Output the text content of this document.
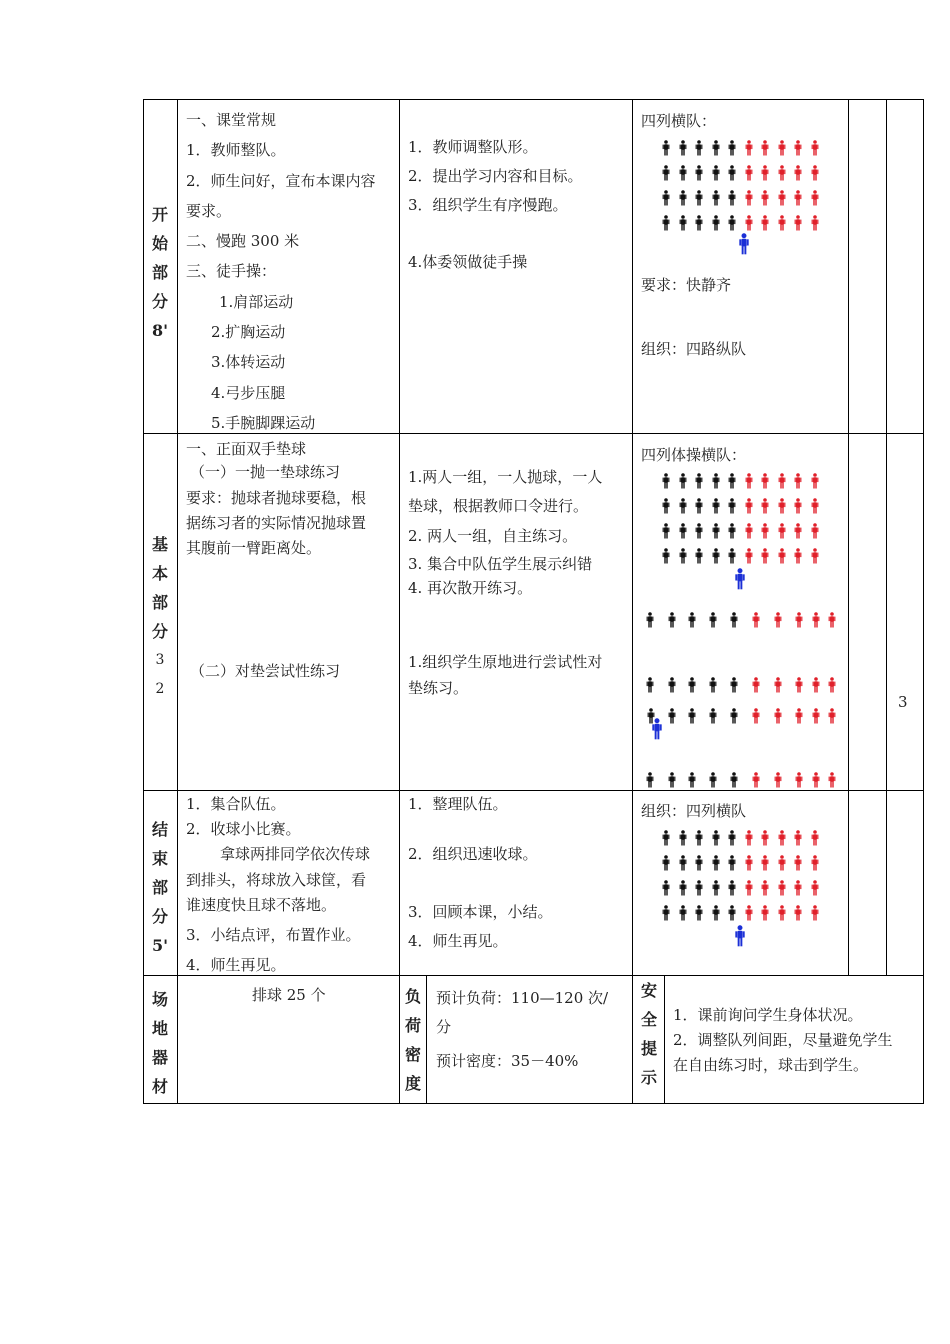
开
始
部
分
8'
一、课堂常规
1．教师整队。
2．师生问好，宣布本课内容
要求。
二、慢跑 300 米
三、徒手操：
1.肩部运动
2.扩胸运动
3.体转运动
4.弓步压腿
5.手腕脚踝运动
1．教师调整队形。
2．提出学习内容和目标。
3．组织学生有序慢跑。
4.体委领做徒手操
四列横队：
要求：快静齐
组织：四路纵队
基
本
部
分
3
2
一、正面双手垫球
（一）一抛一垫球练习
要求：抛球者抛球要稳，根
据练习者的实际情况抛球置
其腹前一臂距离处。
（二）对垫尝试性练习
1.两人一组，一人抛球，一人
垫球，根据教师口令进行。
2. 两人一组，自主练习。
3. 集合中队伍学生展示纠错
4. 再次散开练习。
1.组织学生原地进行尝试性对
垫练习。
四列体操横队：
3
结
束
部
分
5'
1．集合队伍。
2．收球小比赛。
拿球两排同学依次传球
到排头，将球放入球筐，看
谁速度快且球不落地。
3．小结点评，布置作业。
4．师生再见。
1．整理队伍。
2．组织迅速收球。
3．回顾本课，小结。
4．师生再见。
组织：四列横队
场
地
器
材
排球 25 个	负
荷
密
度
预计负荷：110—120 次/
分
预计密度：35－40%
安
全
提
示
1．课前询问学生身体状况。
2．调整队列间距，尽量避免学生
在自由练习时，球击到学生。
